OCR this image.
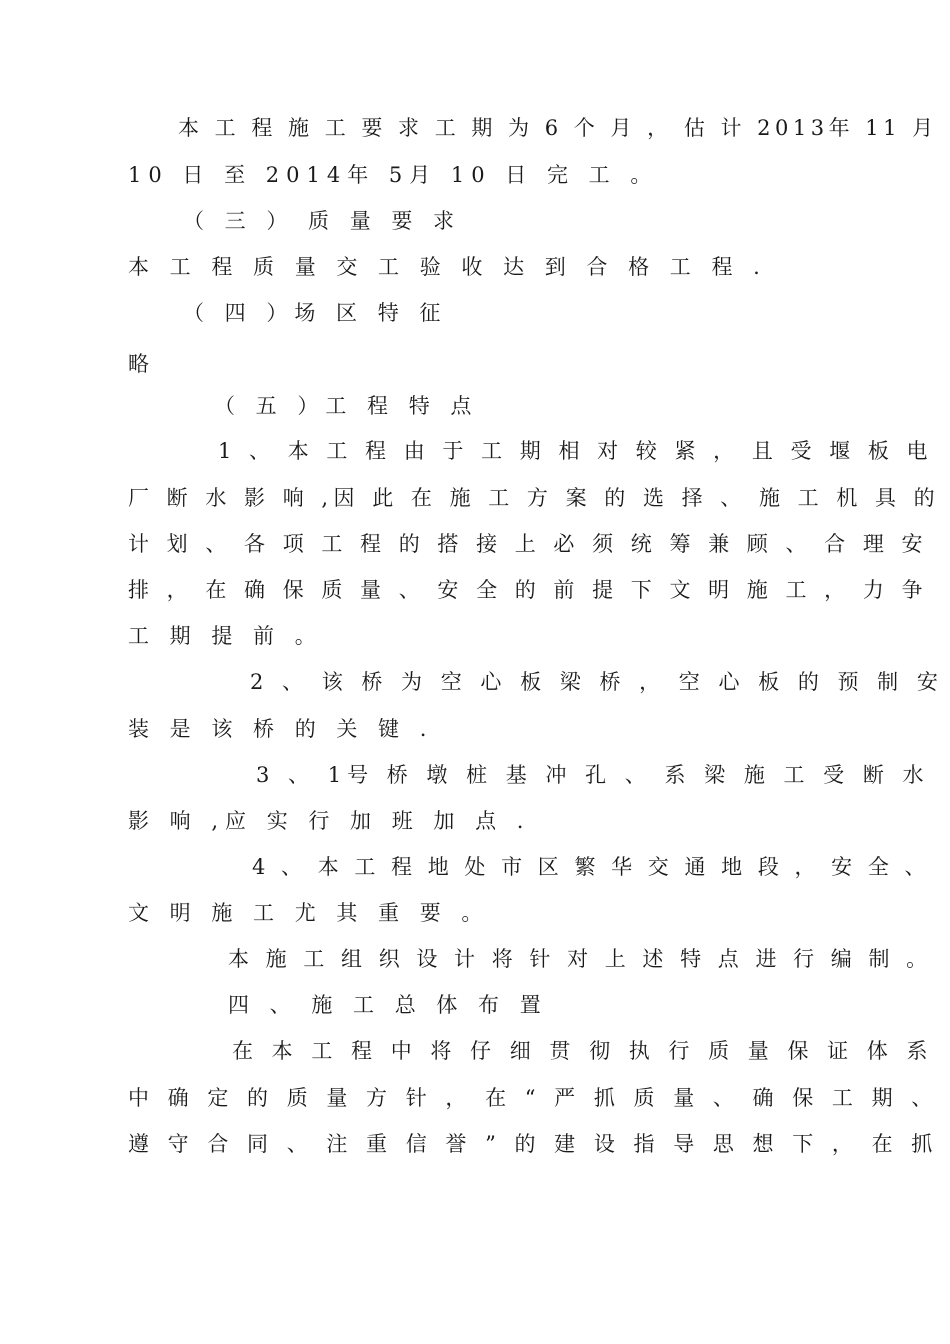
本 工 程 施 工 要 求 工 期 为 6 个 月 ， 估 计 2013年 11 月
10 日 至 2014年 5月 10 日 完 工 。
（ 三 ） 质 量 要 求
本 工 程 质 量 交 工 验 收 达 到 合 格 工 程 .
（ 四 ）场 区 特 征
略
（ 五 ）工 程 特 点
1 、 本 工 程 由 于 工 期 相 对 较 紧 ， 且 受 堰 板 电
厂 断 水 影 响 ,因 此 在 施 工 方 案 的 选 择 、 施 工 机 具 的
计 划 、 各 项 工 程 的 搭 接 上 必 须 统 筹 兼 顾 、 合 理 安
排 ， 在 确 保 质 量 、 安 全 的 前 提 下 文 明 施 工 ， 力 争
工 期 提 前 。
2 、 该 桥 为 空 心 板 梁 桥 ， 空 心 板 的 预 制 安
装 是 该 桥 的 关 键 .
3 、 1号 桥 墩 桩 基 冲 孔 、 系 梁 施 工 受 断 水
影 响 ,应 实 行 加 班 加 点 .
4 、 本 工 程 地 处 市 区 繁 华 交 通 地 段 ， 安 全 、
文 明 施 工 尤 其 重 要 。
本 施 工 组 织 设 计 将 针 对 上 述 特 点 进 行 编 制 。
四 、 施 工 总 体 布 置
在 本 工 程 中 将 仔 细 贯 彻 执 行 质 量 保 证 体 系
中 确 定 的 质 量 方 针 ， 在 “ 严 抓 质 量 、 确 保 工 期 、
遵 守 合 同 、 注 重 信 誉 ” 的 建 设 指 导 思 想 下 ， 在 抓
